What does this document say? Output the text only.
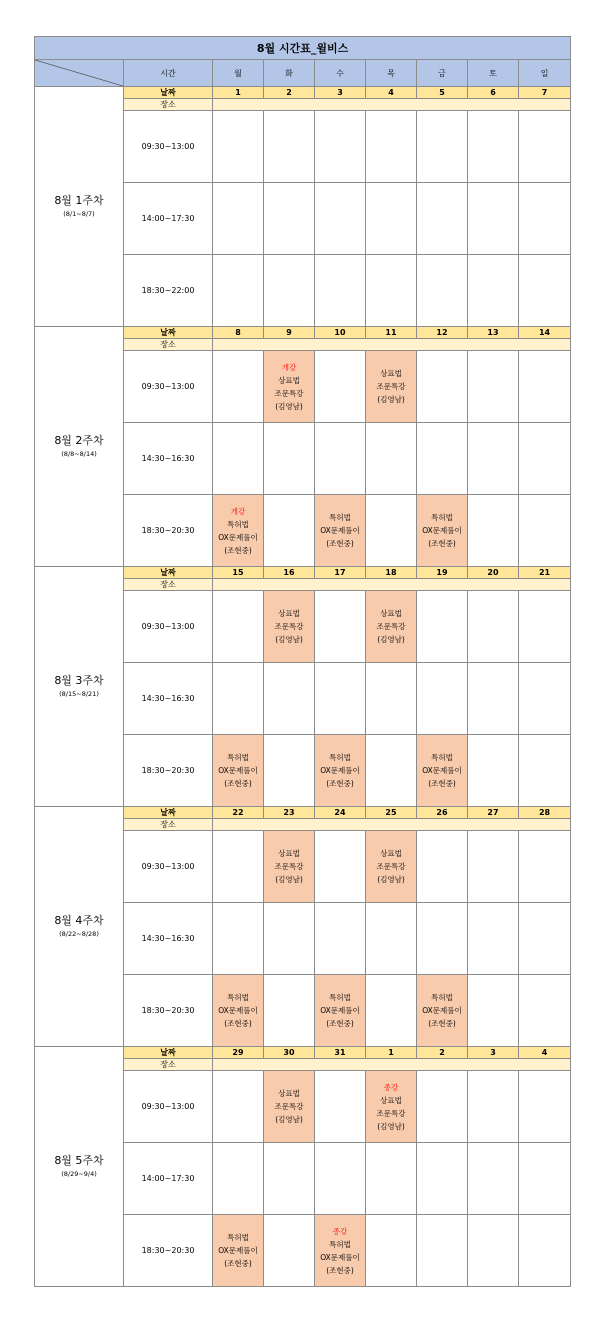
8월 시간표_윌비스								

	시간	월	화	수	목	금	토	일

8월 1주차
(8/1~8/7)	날짜	1	2	3	4	5	6	7
	장소							
	09:30~13:00							
	14:00~17:30							
	18:30~22:00							

8월 2주차
(8/8~8/14)	날짜	8	9	10	11	12	13	14
	장소							
	09:30~13:00		개강
상표법
조문특강
(김영남)		상표법
조문특강
(김영남)			

	14:30~16:30							
	18:30~20:30	개강
특허법
OX문제풀이
(조현중)		특허법
OX문제풀이
(조현중)		특허법
OX문제풀이
(조현중)		

8월 3주차
(8/15~8/21)	날짜	15	16	17	18	19	20	21
	장소							
	09:30~13:00		상표법
조문특강
(김영남)		상표법
조문특강
(김영남)			

	14:30~16:30							
	18:30~20:30	특허법
OX문제풀이
(조현중)		특허법
OX문제풀이
(조현중)		특허법
OX문제풀이
(조현중)		

8월 4주차
(8/22~8/28)	날짜	22	23	24	25	26	27	28
	장소							
	09:30~13:00		상표법
조문특강
(김영남)		상표법
조문특강
(김영남)			

	14:30~16:30							
	18:30~20:30	특허법
OX문제풀이
(조현중)		특허법
OX문제풀이
(조현중)		특허법
OX문제풀이
(조현중)		

8월 5주차
(8/29~9/4)	날짜	29	30	31	1	2	3	4
	장소							
	09:30~13:00		상표법
조문특강
(김영남)		종강
상표법
조문특강
(김영남)			

	14:00~17:30							
	18:30~20:30	특허법
OX문제풀이
(조현중)		종강
특허법
OX문제풀이
(조현중)				
